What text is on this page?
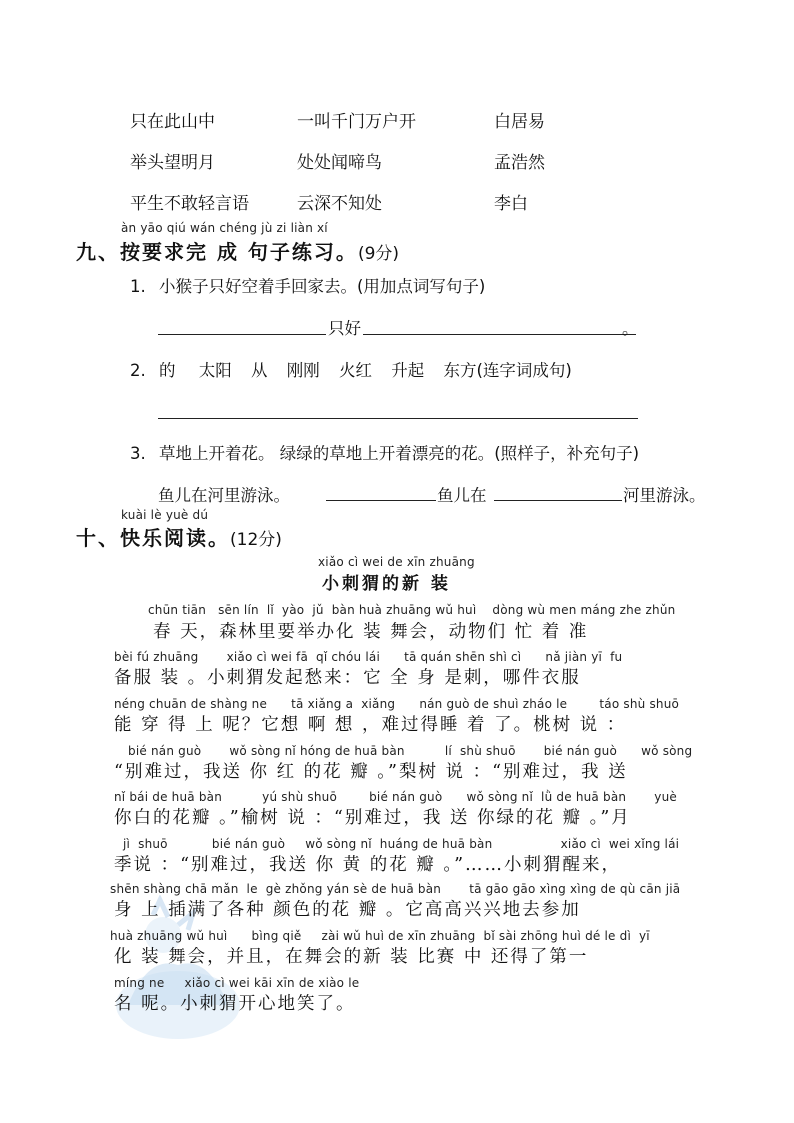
只在此山中	一叫千门万户开	白居易
举头望明月	处处闻啼鸟	孟浩然
平生不敢轻言语	云深不知处	李白
àn yāo qiú wán chéng jù zi liàn xí
九、按要求完 成 句子练习。(9分)
1. 小猴子只好空着手回家去。(用加点词写句子)
只好	。
2. 的 太阳 从 刚刚 火红 升起 东方(连字词成句)
3. 草地上开着花。 绿绿的草地上开着漂亮的花。(照样子，补充句子)
鱼儿在河里游泳。	鱼儿在	河里游泳。
kuài lè yuè dú
十、快乐阅读。(12分)
xiǎo cì wei de xīn zhuāng
小刺猬的新 装
chūn tiān   sēn lín  lǐ  yào  jǔ  bàn huà zhuāng wǔ huì    dòng wù men máng zhe zhǔn
春 天，森林里要举办化 装 舞会，动物们 忙 着 准
bèi fú zhuāng       xiǎo cì wei fā  qǐ chóu lái      tā quán shēn shì cì      nǎ jiàn yī  fu
备服 装 。小刺猬发起愁来：它 全 身 是刺，哪件衣服
néng chuān de shàng ne      tā xiǎng a  xiǎng      nán guò de shuì zháo le        táo shù shuō
能 穿 得 上 呢？它想 啊 想 ，难过得睡 着 了。桃树 说 ：
bié nán guò       wǒ sòng nǐ hóng de huā bàn          lí  shù shuō       bié nán guò      wǒ sòng
“别难过，我送 你 红 的花 瓣 。”梨树 说 ：“别难过，我 送
nǐ bái de huā bàn          yú shù shuō        bié nán guò      wǒ sòng nǐ  lǜ de huā bàn       yuè
你白的花瓣 。”榆树 说 ：“别难过，我 送 你绿的花 瓣 。”月
jì  shuō           bié nán guò     wǒ sòng nǐ  huáng de huā bàn                 xiǎo cì  wei xǐng lái
季说 ：“别难过，我送 你 黄 的花 瓣 。”……小刺猬醒来，
shēn shàng chā mǎn  le  gè zhǒng yán sè de huā bàn       tā gāo gāo xìng xìng de qù cān jiā
身 上 插满了各种 颜色的花 瓣 。它高高兴兴地去参加
huà zhuāng wǔ huì      bìng qiě     zài wǔ huì de xīn zhuāng  bǐ sài zhōng huì dé le dì  yī
化 装 舞会，并且，在舞会的新 装 比赛 中 还得了第一
míng ne     xiǎo cì wei kāi xīn de xiào le
名 呢。小刺猬开心地笑了。
